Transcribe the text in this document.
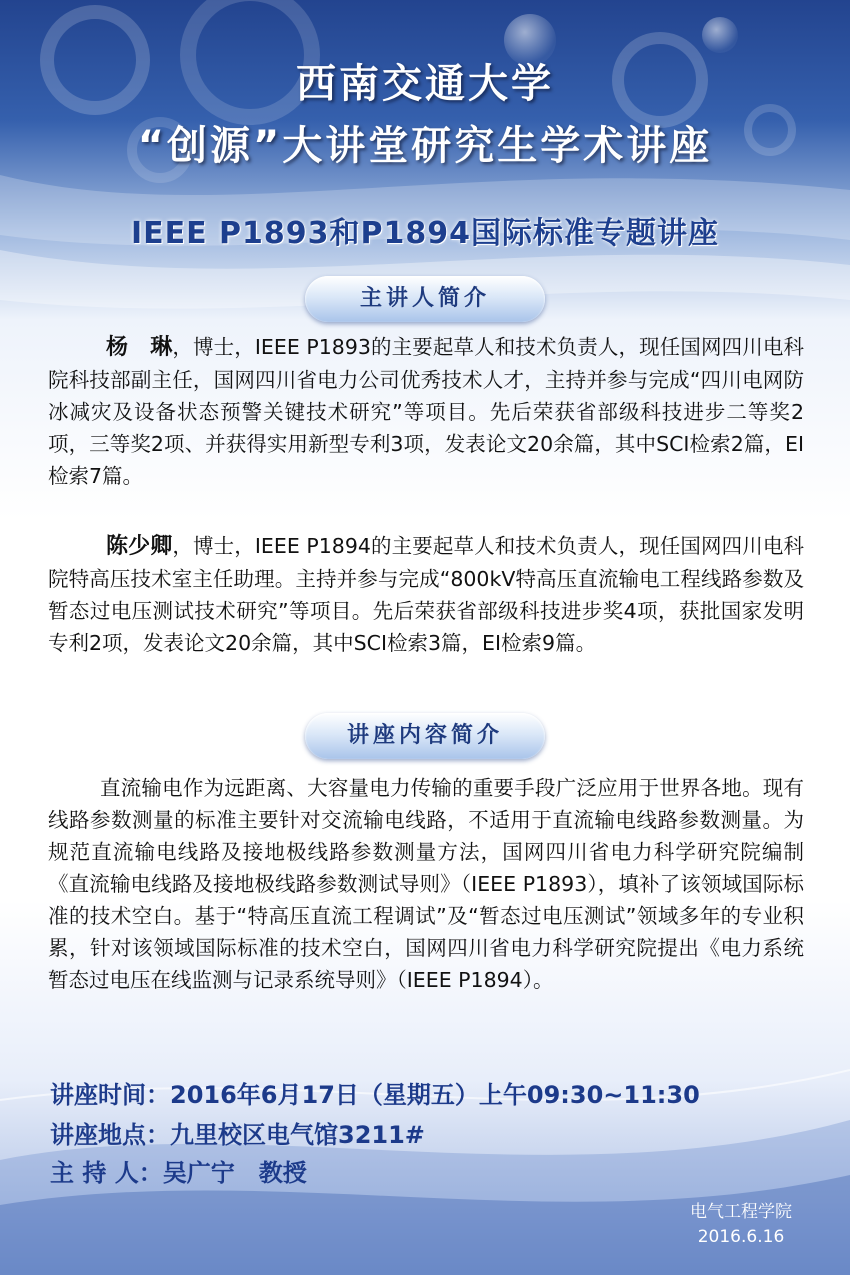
西南交通大学
“创源”大讲堂研究生学术讲座
IEEE P1893和P1894国际标准专题讲座
主讲人简介

杨　琳，博士，IEEE P1893的主要起草人和技术负责人，现任国网四川电科院科技部副主任，国网四川省电力公司优秀技术人才，主持并参与完成“四川电网防冰减灾及设备状态预警关键技术研究”等项目。先后荣获省部级科技进步二等奖2项，三等奖2项、并获得实用新型专利3项，发表论文20余篇，其中SCI检索2篇，EI检索7篇。

陈少卿，博士，IEEE P1894的主要起草人和技术负责人，现任国网四川电科院特高压技术室主任助理。主持并参与完成“800kV特高压直流输电工程线路参数及暂态过电压测试技术研究”等项目。先后荣获省部级科技进步奖4项，获批国家发明专利2项，发表论文20余篇，其中SCI检索3篇，EI检索9篇。

讲座内容简介

直流输电作为远距离、大容量电力传输的重要手段广泛应用于世界各地。现有线路参数测量的标准主要针对交流输电线路，不适用于直流输电线路参数测量。为规范直流输电线路及接地极线路参数测量方法，国网四川省电力科学研究院编制《直流输电线路及接地极线路参数测试导则》（IEEE P1893），填补了该领域国际标准的技术空白。基于“特高压直流工程调试”及“暂态过电压测试”领域多年的专业积累，针对该领域国际标准的技术空白，国网四川省电力科学研究院提出《电力系统暂态过电压在线监测与记录系统导则》（IEEE P1894）。

讲座时间：2016年6月17日（星期五）上午09:30~11:30
讲座地点：九里校区电气馆3211#
主 持 人：吴广宁　教授
电气工程学院
2016.6.16
